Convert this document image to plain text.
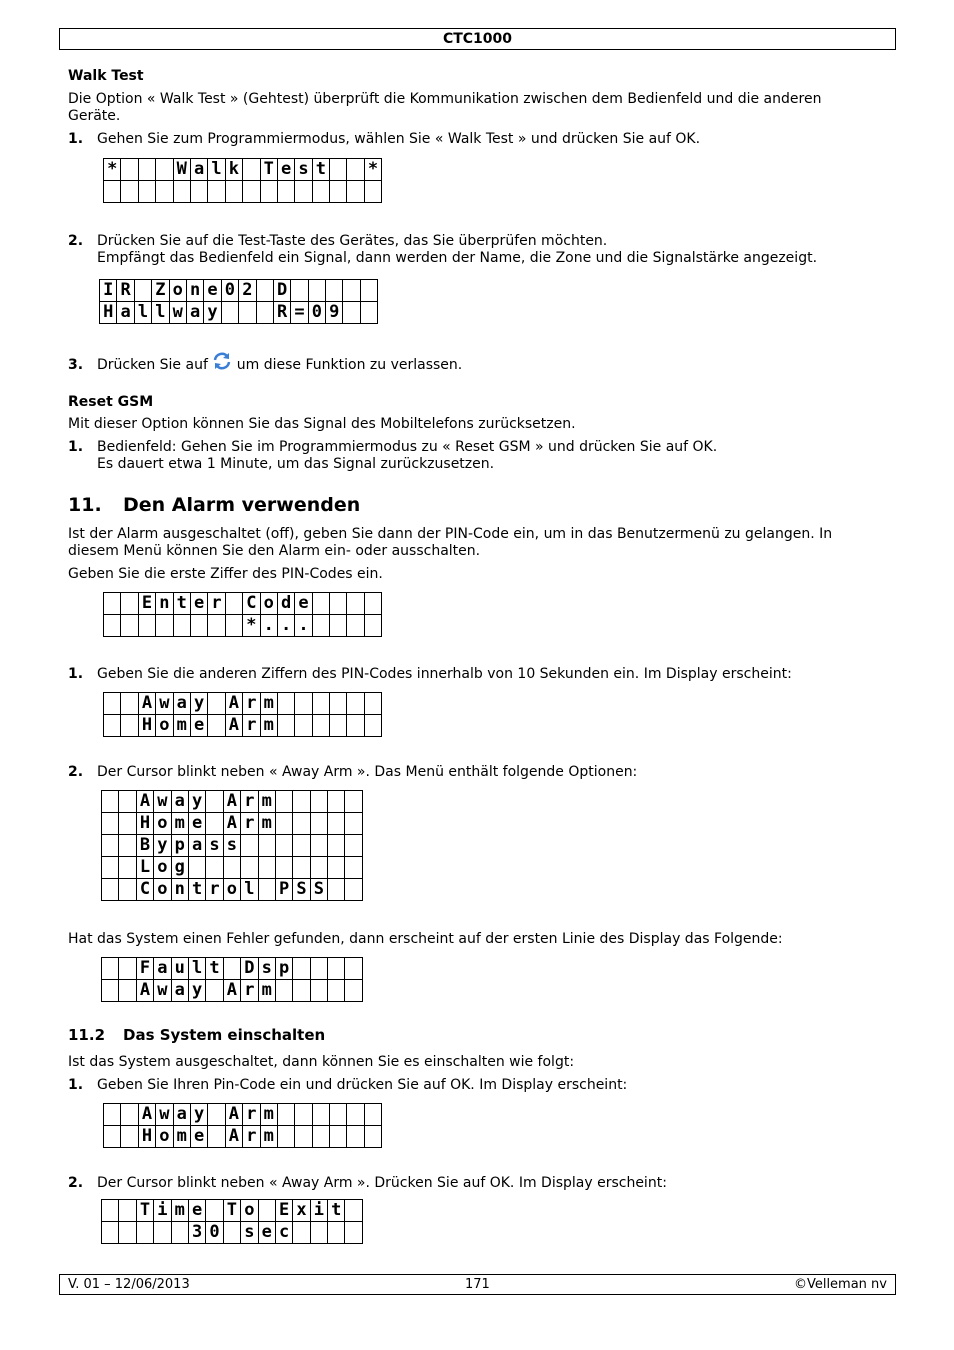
CTC1000
Walk Test
Die Option « Walk Test » (Gehtest) überprüft die Kommunikation zwischen dem Bedienfeld und die anderen Geräte.
1. Gehen Sie zum Programmiermodus, wählen Sie « Walk Test » und drücken Sie auf OK.
*				W	a	l	k		T	e	s	t			*

2. Drücken Sie auf die Test-Taste des Gerätes, das Sie überprüfen möchten.
Empfängt das Bedienfeld ein Signal, dann werden der Name, die Zone und die Signalstärke angezeigt.
I	R		Z	o	n	e	0	2		D					
H	a	l	l	w	a	y				R	=	0	9		
3. Drücken Sie auf um diese Funktion zu verlassen.
Reset GSM
Mit dieser Option können Sie das Signal des Mobiltelefons zurücksetzen.
1. Bedienfeld: Gehen Sie im Programmiermodus zu « Reset GSM » und drücken Sie auf OK.
Es dauert etwa 1 Minute, um das Signal zurückzusetzen.
11. Den Alarm verwenden
Ist der Alarm ausgeschaltet (off), geben Sie dann der PIN-Code ein, um in das Benutzermenü zu gelangen. In diesem Menü können Sie den Alarm ein- oder ausschalten.
Geben Sie die erste Ziffer des PIN-Codes ein.
		E	n	t	e	r		C	o	d	e				
								*	.	.	.				
1. Geben Sie die anderen Ziffern des PIN-Codes innerhalb von 10 Sekunden ein. Im Display erscheint:
		A	w	a	y		A	r	m						
		H	o	m	e		A	r	m						
2. Der Cursor blinkt neben « Away Arm ». Das Menü enthält folgende Optionen:
		A	w	a	y		A	r	m					
		H	o	m	e		A	r	m					
		B	y	p	a	s	s							
		L	o	g										
		C	o	n	t	r	o	l		P	S	S		
Hat das System einen Fehler gefunden, dann erscheint auf der ersten Linie des Display das Folgende:
		F	a	u	l	t		D	s	p				
		A	w	a	y		A	r	m					
11.2 Das System einschalten
Ist das System ausgeschaltet, dann können Sie es einschalten wie folgt:
1. Geben Sie Ihren Pin-Code ein und drücken Sie auf OK. Im Display erscheint:
		A	w	a	y		A	r	m						
		H	o	m	e		A	r	m						
2. Der Cursor blinkt neben « Away Arm ». Drücken Sie auf OK. Im Display erscheint:
		T	i	m	e		T	o		E	x	i	t	
					3	0		s	e	c				
V. 01 – 12/06/2013	171	©Velleman nv
